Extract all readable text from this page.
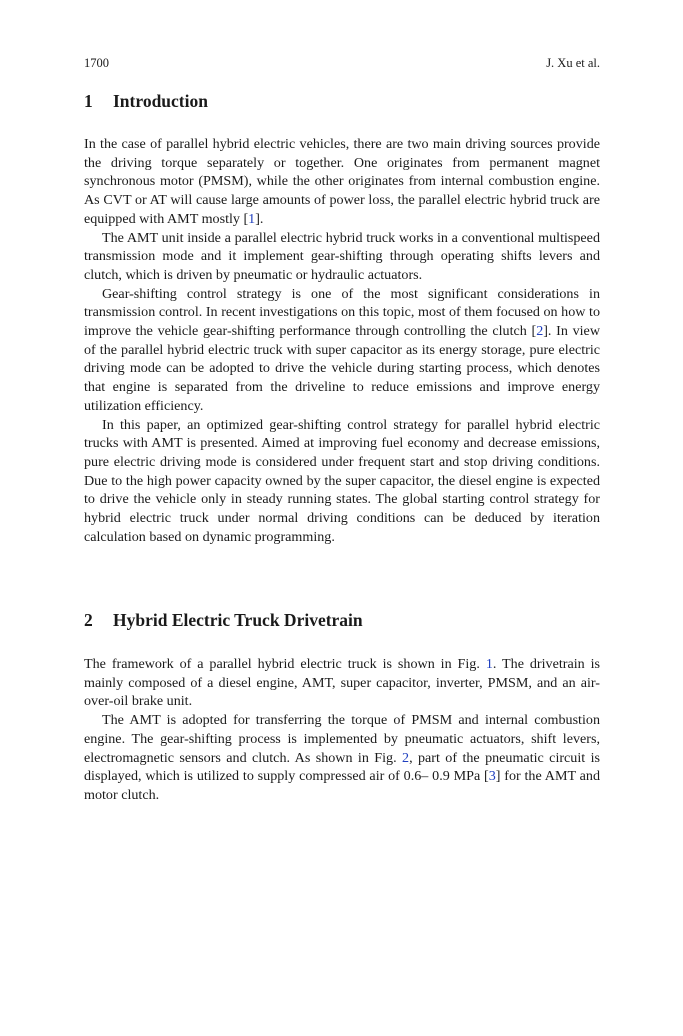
1700	J. Xu et al.
1 Introduction

In the case of parallel hybrid electric vehicles, there are two main driving sources provide the driving torque separately or together. One originates from permanent magnet synchronous motor (PMSM), while the other originates from internal combustion engine. As CVT or AT will cause large amounts of power loss, the parallel electric hybrid truck are equipped with AMT mostly [1].

The AMT unit inside a parallel electric hybrid truck works in a conventional multispeed transmission mode and it implement gear-shifting through operating shifts levers and clutch, which is driven by pneumatic or hydraulic actuators.

Gear-shifting control strategy is one of the most significant considerations in transmission control. In recent investigations on this topic, most of them focused on how to improve the vehicle gear-shifting performance through controlling the clutch [2]. In view of the parallel hybrid electric truck with super capacitor as its energy storage, pure electric driving mode can be adopted to drive the vehicle during starting process, which denotes that engine is separated from the driveline to reduce emissions and improve energy utilization efficiency.

In this paper, an optimized gear-shifting control strategy for parallel hybrid electric trucks with AMT is presented. Aimed at improving fuel economy and decrease emissions, pure electric driving mode is considered under frequent start and stop driving conditions. Due to the high power capacity owned by the super capacitor, the diesel engine is expected to drive the vehicle only in steady running states. The global starting control strategy for hybrid electric truck under normal driving conditions can be deduced by iteration calculation based on dynamic programming.

2 Hybrid Electric Truck Drivetrain

The framework of a parallel hybrid electric truck is shown in Fig. 1. The drivetrain is mainly composed of a diesel engine, AMT, super capacitor, inverter, PMSM, and an air-over-oil brake unit.

The AMT is adopted for transferring the torque of PMSM and internal combustion engine. The gear-shifting process is implemented by pneumatic actuators, shift levers, electromagnetic sensors and clutch. As shown in Fig. 2, part of the pneumatic circuit is displayed, which is utilized to supply compressed air of 0.6– 0.9 MPa [3] for the AMT and motor clutch.
